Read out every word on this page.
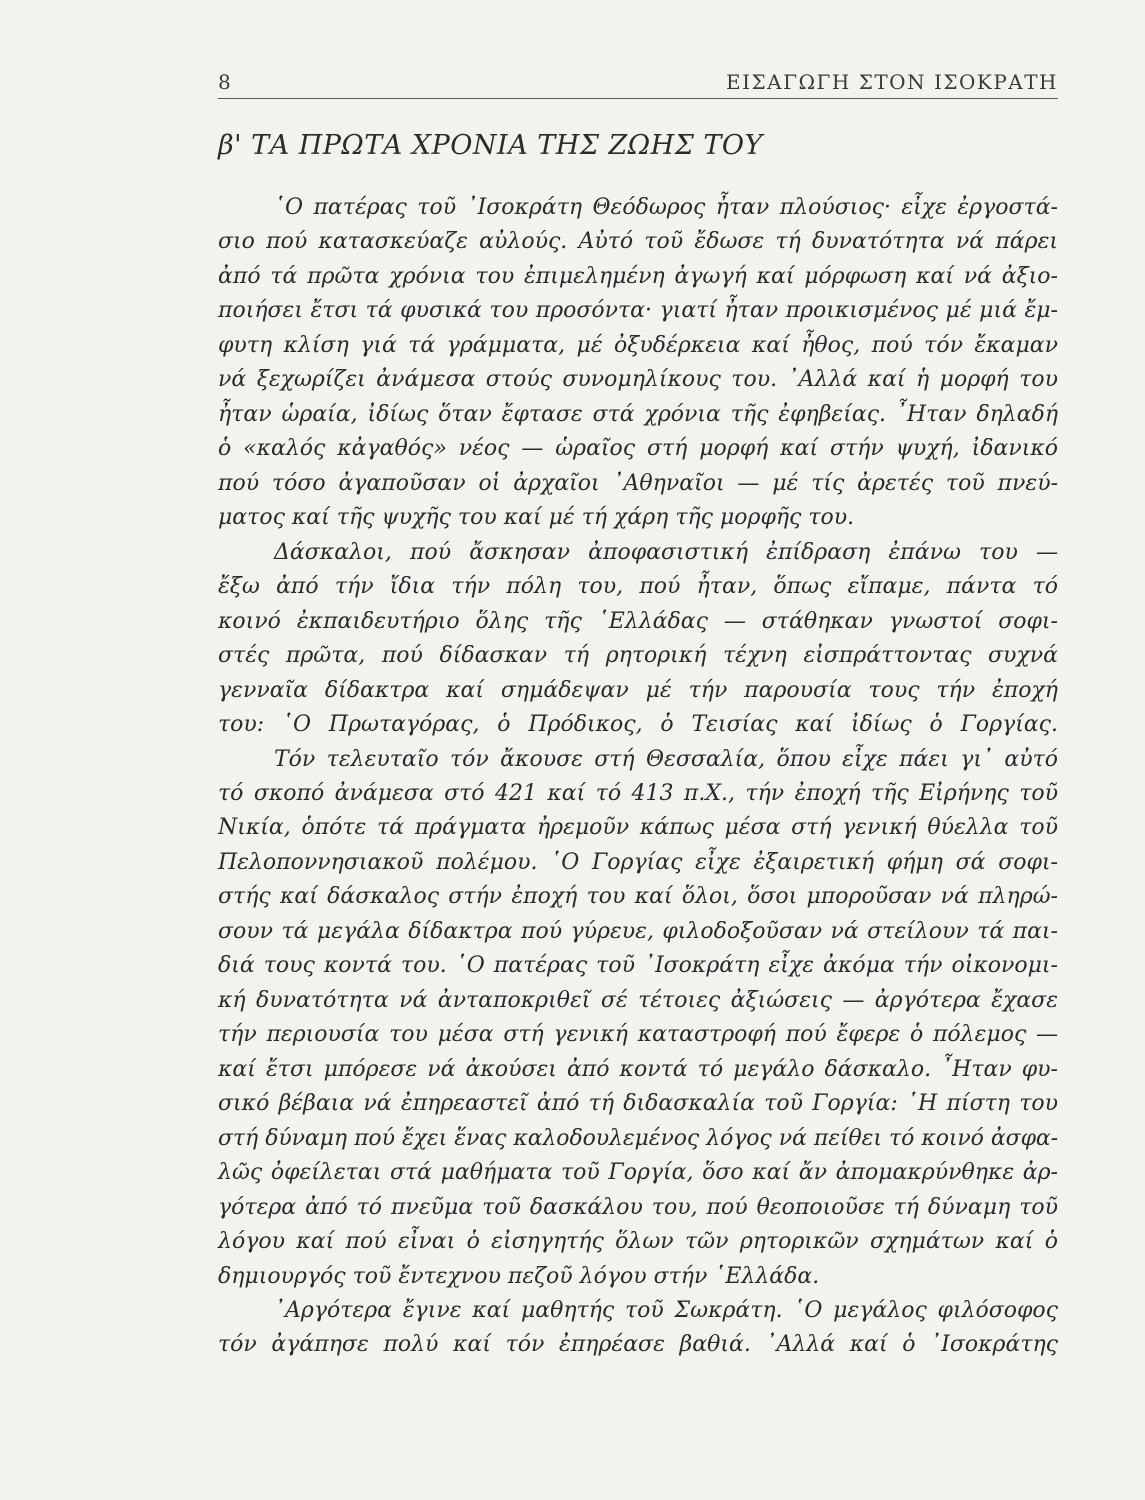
8	ΕΙΣΑΓΩΓΗ ΣΤΟΝ ΙΣΟΚΡΑΤΗ
β' ΤΑ ΠΡΩΤΑ ΧΡΟΝΙΑ ΤΗΣ ΖΩΗΣ ΤΟΥ
῾Ο πατέρας τοῦ ᾿Ισοκράτη Θεόδωρος ἦταν πλούσιος· εἶχε ἐργοστά-
σιο πού κατασκεύαζε αὐλούς. Αὐτό τοῦ ἔδωσε τή δυνατότητα νά πάρει
ἀπό τά πρῶτα χρόνια του ἐπιμελημένη ἀγωγή καί μόρφωση καί νά ἀξιο-
ποιήσει ἔτσι τά φυσικά του προσόντα· γιατί ἦταν προικισμένος μέ μιά ἔμ-
φυτη κλίση γιά τά γράμματα, μέ ὀξυδέρκεια καί ἦθος, πού τόν ἔκαμαν
νά ξεχωρίζει ἀνάμεσα στούς συνομηλίκους του. ᾿Αλλά καί ἡ μορφή του
ἦταν ὡραία, ἰδίως ὅταν ἔφτασε στά χρόνια τῆς ἐφηβείας. ῏Ηταν δηλαδή
ὁ «καλός κἀγαθός» νέος — ὡραῖος στή μορφή καί στήν ψυχή, ἰδανικό
πού τόσο ἀγαποῦσαν οἱ ἀρχαῖοι ᾿Αθηναῖοι — μέ τίς ἀρετές τοῦ πνεύ-
ματος καί τῆς ψυχῆς του καί μέ τή χάρη τῆς μορφῆς του.
Δάσκαλοι, πού ἄσκησαν ἀποφασιστική ἐπίδραση ἐπάνω του —
ἔξω ἀπό τήν ἴδια τήν πόλη του, πού ἦταν, ὅπως εἴπαμε, πάντα τό
κοινό ἐκπαιδευτήριο ὅλης τῆς ῾Ελλάδας — στάθηκαν γνωστοί σοφι-
στές πρῶτα, πού δίδασκαν τή ρητορική τέχνη εἰσπράττοντας συχνά
γενναῖα δίδακτρα καί σημάδεψαν μέ τήν παρουσία τους τήν ἐποχή
του: ῾Ο Πρωταγόρας, ὁ Πρόδικος, ὁ Τεισίας καί ἰδίως ὁ Γοργίας.
Τόν τελευταῖο τόν ἄκουσε στή Θεσσαλία, ὅπου εἶχε πάει γι᾿ αὐτό
τό σκοπό ἀνάμεσα στό 421 καί τό 413 π.Χ., τήν ἐποχή τῆς Εἰρήνης τοῦ
Νικία, ὁπότε τά πράγματα ἠρεμοῦν κάπως μέσα στή γενική θύελλα τοῦ
Πελοποννησιακοῦ πολέμου. ῾Ο Γοργίας εἶχε ἐξαιρετική φήμη σά σοφι-
στής καί δάσκαλος στήν ἐποχή του καί ὅλοι, ὅσοι μποροῦσαν νά πληρώ-
σουν τά μεγάλα δίδακτρα πού γύρευε, φιλοδοξοῦσαν νά στείλουν τά παι-
διά τους κοντά του. ῾Ο πατέρας τοῦ ᾿Ισοκράτη εἶχε ἀκόμα τήν οἰκονομι-
κή δυνατότητα νά ἀνταποκριθεῖ σέ τέτοιες ἀξιώσεις — ἀργότερα ἔχασε
τήν περιουσία του μέσα στή γενική καταστροφή πού ἔφερε ὁ πόλεμος —
καί ἔτσι μπόρεσε νά ἀκούσει ἀπό κοντά τό μεγάλο δάσκαλο. ῏Ηταν φυ-
σικό βέβαια νά ἐπηρεαστεῖ ἀπό τή διδασκαλία τοῦ Γοργία: ῾Η πίστη του
στή δύναμη πού ἔχει ἕνας καλοδουλεμένος λόγος νά πείθει τό κοινό ἀσφα-
λῶς ὀφείλεται στά μαθήματα τοῦ Γοργία, ὅσο καί ἄν ἀπομακρύνθηκε ἀρ-
γότερα ἀπό τό πνεῦμα τοῦ δασκάλου του, πού θεοποιοῦσε τή δύναμη τοῦ
λόγου καί πού εἶναι ὁ εἰσηγητής ὅλων τῶν ρητορικῶν σχημάτων καί ὁ
δημιουργός τοῦ ἔντεχνου πεζοῦ λόγου στήν ῾Ελλάδα.
᾿Αργότερα ἔγινε καί μαθητής τοῦ Σωκράτη. ῾Ο μεγάλος φιλόσοφος
τόν ἀγάπησε πολύ καί τόν ἐπηρέασε βαθιά. ᾿Αλλά καί ὁ ᾿Ισοκράτης
